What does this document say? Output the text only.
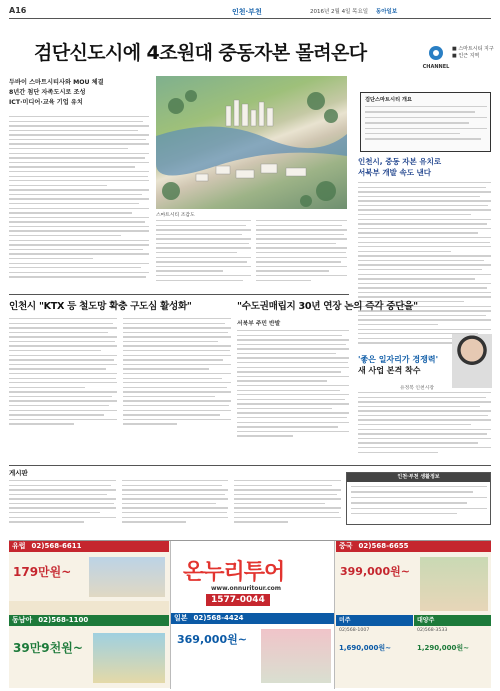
A16	인천·부천	2016년 2월 4일 목요일 동아일보
검단신도시에 4조원대 중동자본 몰려온다
CHANNEL
■ 스마트시티 지구
■ 인근 지역
두바이 스마트시티사와 MOU 체결
8년간 첨단 자족도시로 조성
ICT·미디어·교육 기업 유치
스마트시티 조감도
검단스마트시티 개요
인천시, 중동 자본 유치로
서북부 개발 속도 낸다
인천시 "KTX 등 철도망 확충 구도심 활성화"	"수도권매립지 30년 연장 논의 즉각 중단을"
서북부 주민 반발
'좋은 일자리가 경쟁력'
새 사업 본격 착수
유정복 인천시장
게시판	인천·부천 생활정보
유럽 02)568-6611
179만원~
동남아 02)568-1100
39만9천원~
온누리투어
www.onnuritour.com
1577-0044
일본 02)568-4424
369,000원~
중국 02)568-6655
399,000원~
미주
02)568-1007
1,690,000원~
대양주
02)568-3533
1,290,000원~
